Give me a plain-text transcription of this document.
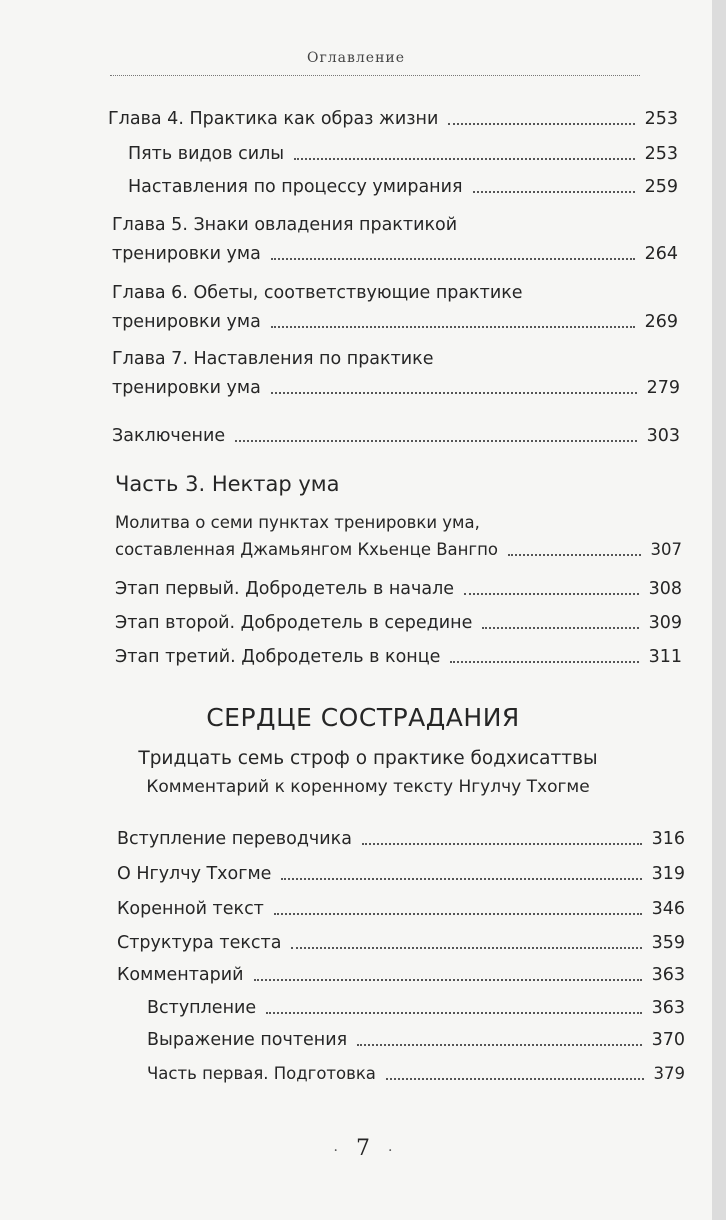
Оглавление
Глава 4. Практика как образ жизни	253
Пять видов силы	253
Наставления по процессу умирания	259
Глава 5. Знаки овладения практикой
тренировки ума	264
Глава 6. Обеты, соответствующие практике
тренировки ума	269
Глава 7. Наставления по практике
тренировки ума	279
Заключение	303
Часть 3. Нектар ума
Молитва о семи пунктах тренировки ума,
составленная Джамьянгом Кхьенце Вангпо	307
Этап первый. Добродетель в начале	308
Этап второй. Добродетель в середине	309
Этап третий. Добродетель в конце	311
СЕРДЦЕ СОСТРАДАНИЯ
Тридцать семь строф о практике бодхисаттвы
Комментарий к коренному тексту Нгулчу Тхогме
Вступление переводчика	316
О Нгулчу Тхогме	319
Коренной текст	346
Структура текста	359
Комментарий	363
Вступление	363
Выражение почтения	370
Часть первая. Подготовка	379
· 7 ·
